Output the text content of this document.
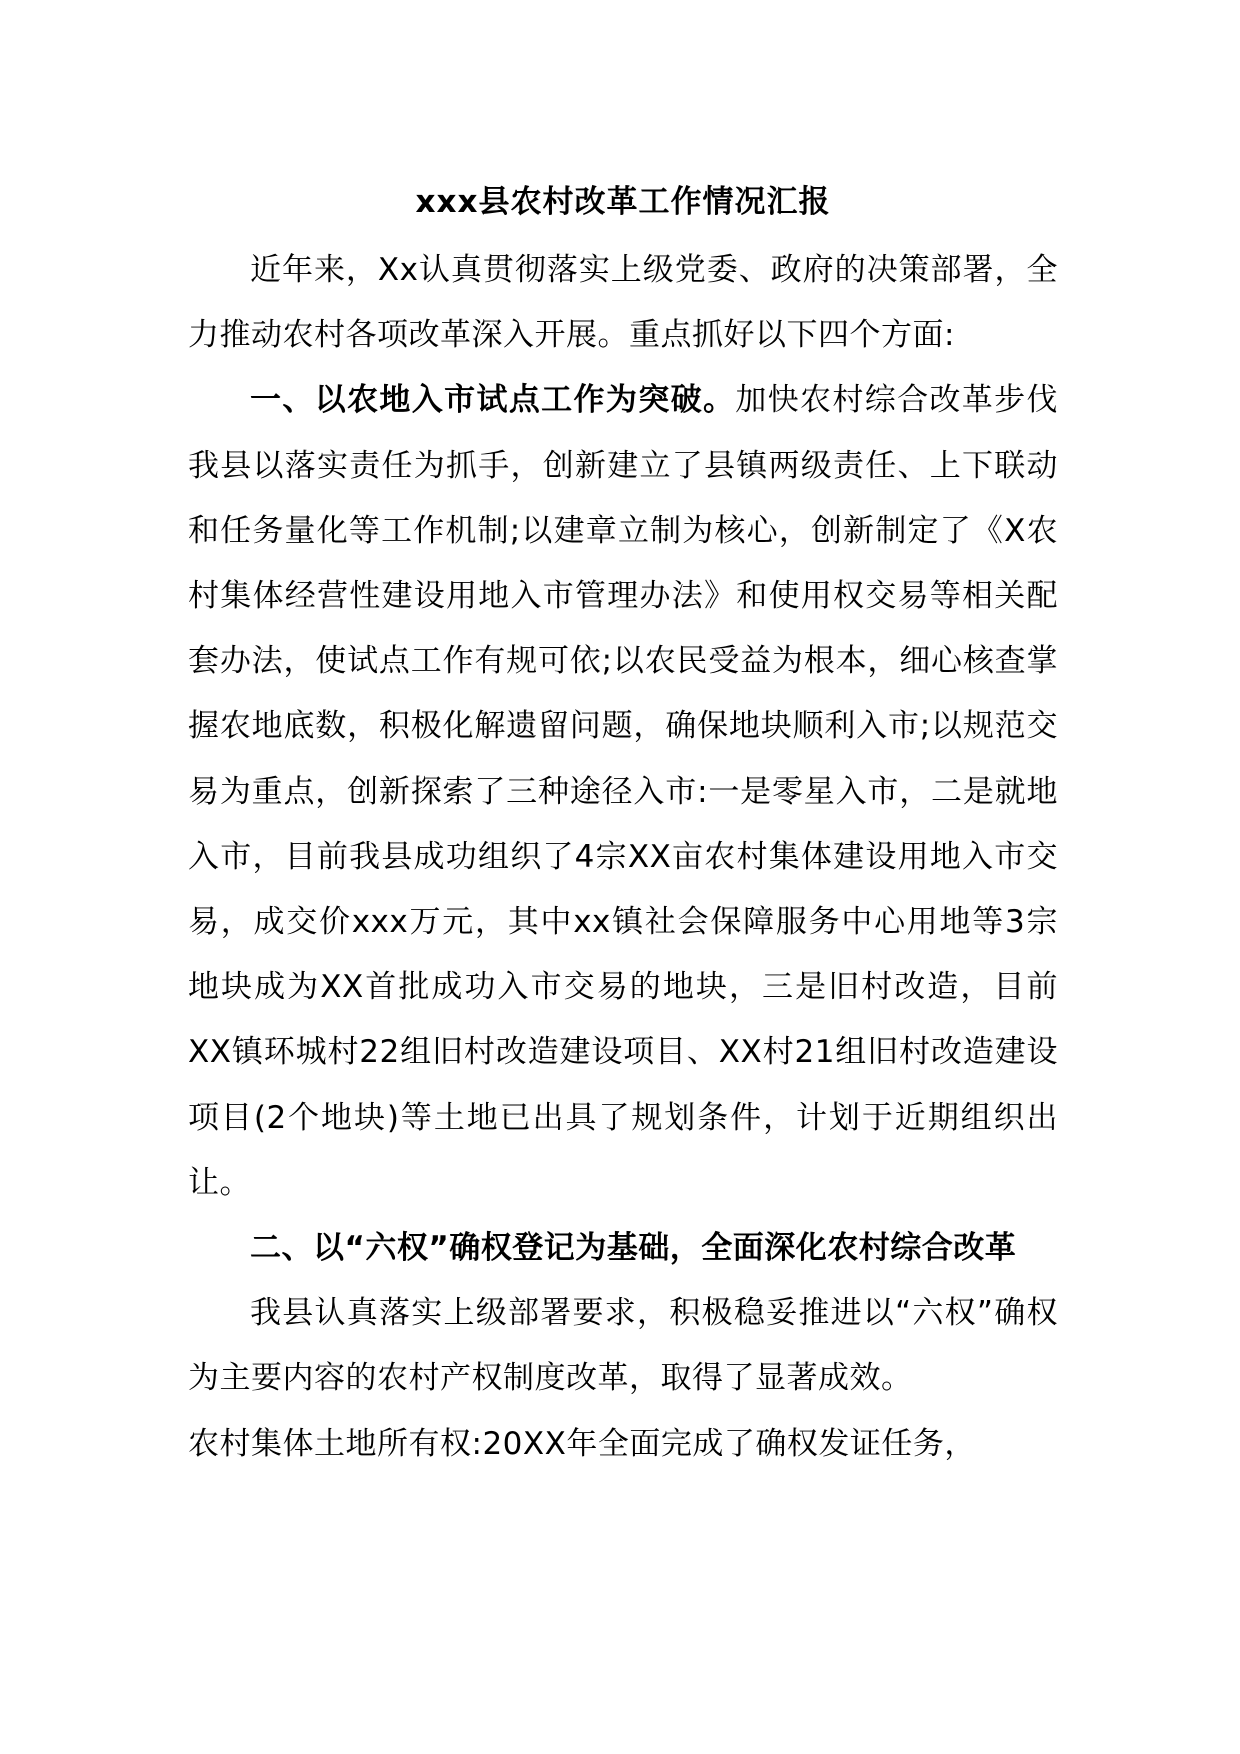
xxx县农村改革工作情况汇报

近年来，Xx认真贯彻落实上级党委、政府的决策部署，全力推动农村各项改革深入开展。重点抓好以下四个方面:

一、以农地入市试点工作为突破。加快农村综合改革步伐我县以落实责任为抓手，创新建立了县镇两级责任、上下联动和任务量化等工作机制;以建章立制为核心，创新制定了《X农村集体经营性建设用地入市管理办法》和使用权交易等相关配套办法，使试点工作有规可依;以农民受益为根本，细心核查掌握农地底数，积极化解遗留问题，确保地块顺利入市;以规范交易为重点，创新探索了三种途径入市:一是零星入市，二是就地入市，目前我县成功组织了4宗XX亩农村集体建设用地入市交易，成交价xxx万元，其中xx镇社会保障服务中心用地等3宗地块成为XX首批成功入市交易的地块，三是旧村改造，目前XX镇环城村22组旧村改造建设项目、XX村21组旧村改造建设项目(2个地块)等土地已出具了规划条件，计划于近期组织出让。

二、以“六权”确权登记为基础，全面深化农村综合改革

我县认真落实上级部署要求，积极稳妥推进以“六权”确权为主要内容的农村产权制度改革，取得了显著成效。

农村集体土地所有权:20XX年全面完成了确权发证任务，
